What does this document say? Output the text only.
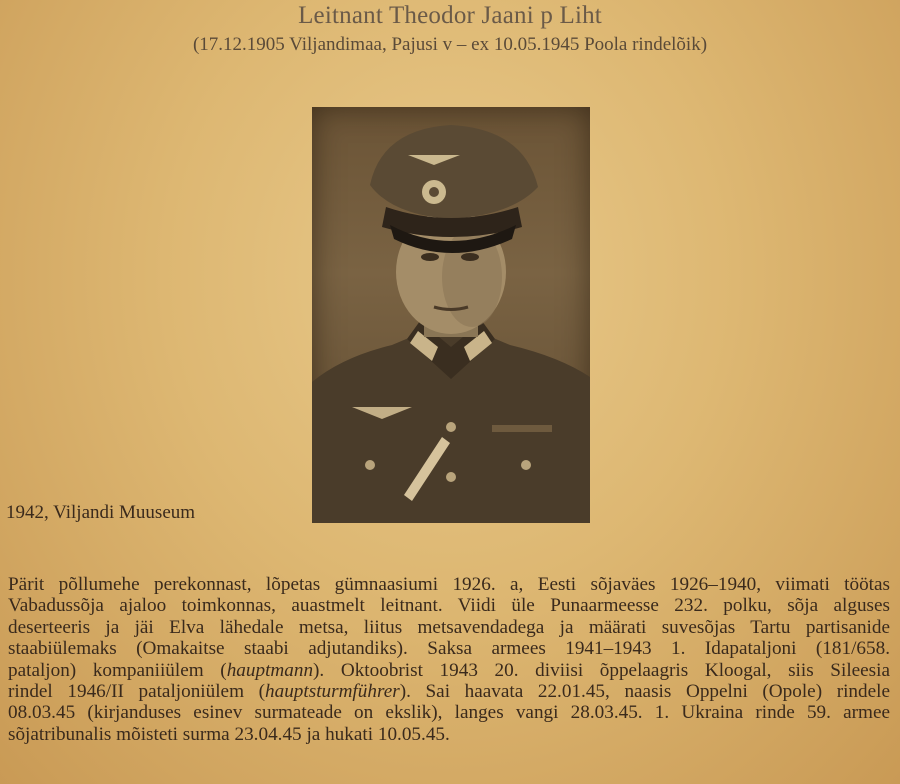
Leitnant Theodor Jaani p Liht
(17.12.1905 Viljandimaa, Pajusi v – ex 10.05.1945 Poola rindelõik)
1942, Viljandi Muuseum
Pärit põllumehe perekonnast, lõpetas gümnaasiumi 1926. a, Eesti sõjaväes 1926–1940, viimati töötas
Vabadussõja ajaloo toimkonnas, auastmelt leitnant. Viidi üle Punaarmeesse 232. polku, sõja alguses
deserteeris ja jäi Elva lähedale metsa, liitus metsavendadega ja määrati suvesõjas Tartu partisanide
staabiülemaks (Omakaitse staabi adjutandiks). Saksa armees 1941–1943 1. Idapataljoni (181/658.
pataljon) kompaniiülem (hauptmann). Oktoobrist 1943 20. diviisi õppelaagris Kloogal, siis Sileesia
rindel 1946/II pataljoniülem (hauptsturmführer). Sai haavata 22.01.45, naasis Oppelni (Opole) rindele
08.03.45 (kirjanduses esinev surmateade on ekslik), langes vangi 28.03.45. 1. Ukraina rinde 59. armee
sõjatribunalis mõisteti surma 23.04.45 ja hukati 10.05.45.
